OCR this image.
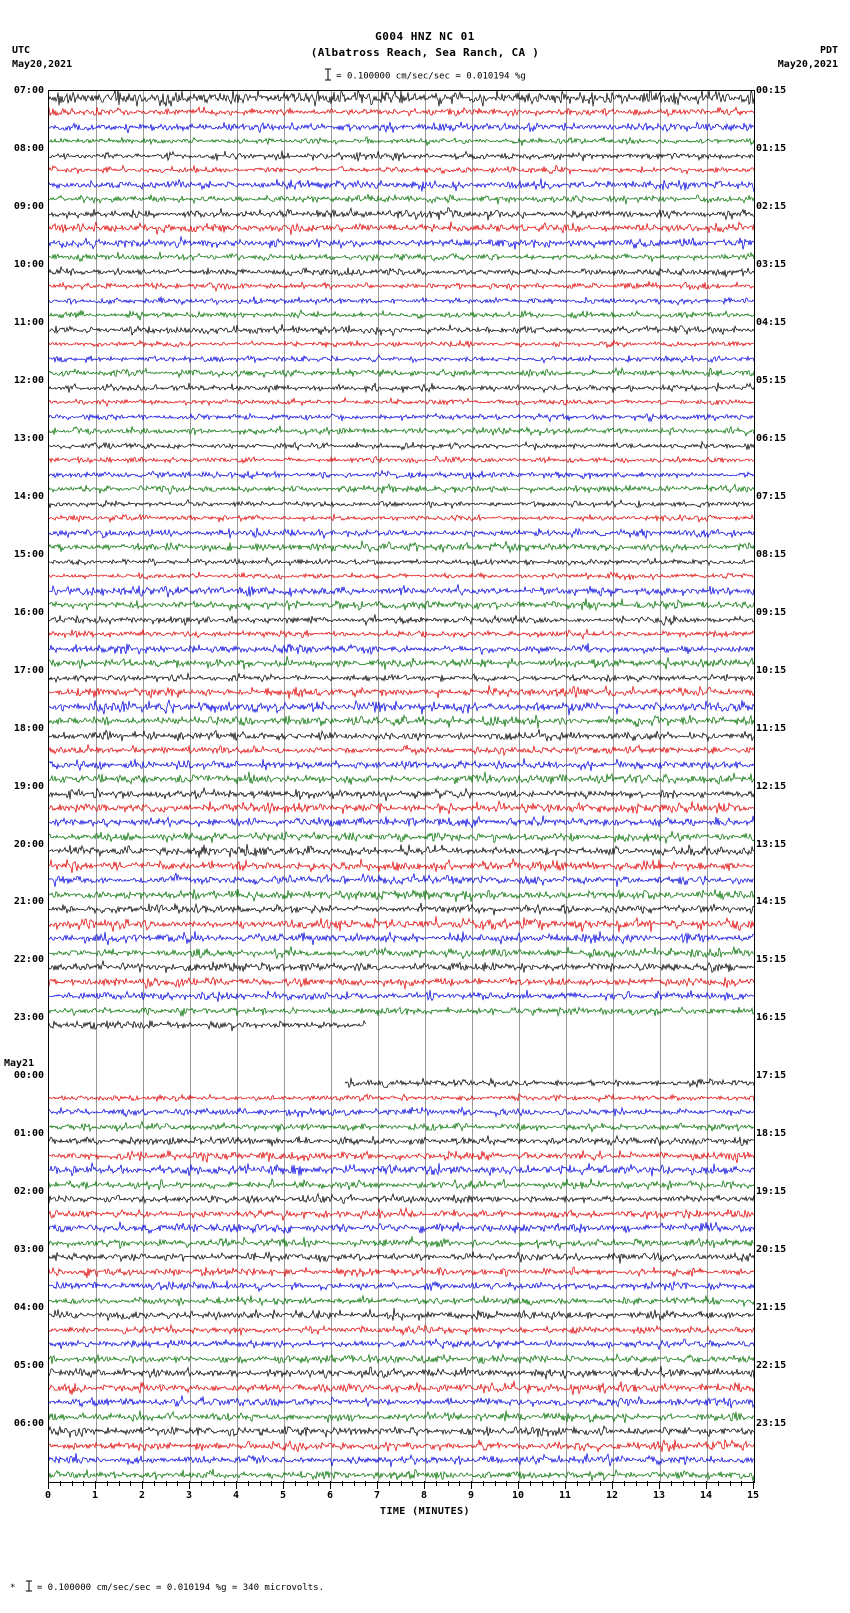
UTC
May20,2021
PDT
May20,2021
G004 HNZ NC 01
(Albatross Reach, Sea Ranch, CA )
= 0.100000 cm/sec/sec = 0.010194 %g
07:00
08:00
09:00
10:00
11:00
12:00
13:00
14:00
15:00
16:00
17:00
18:00
19:00
20:00
21:00
22:00
23:00
00:00
01:00
02:00
03:00
04:00
05:00
06:00
May21
00:15
01:15
02:15
03:15
04:15
05:15
06:15
07:15
08:15
09:15
10:15
11:15
12:15
13:15
14:15
15:15
16:15
17:15
18:15
19:15
20:15
21:15
22:15
23:15
0	1	2	3	4	5	6	7	8	9	10	11	12	13	14	15
TIME (MINUTES)
* = 0.100000 cm/sec/sec = 0.010194 %g = 340 microvolts.
